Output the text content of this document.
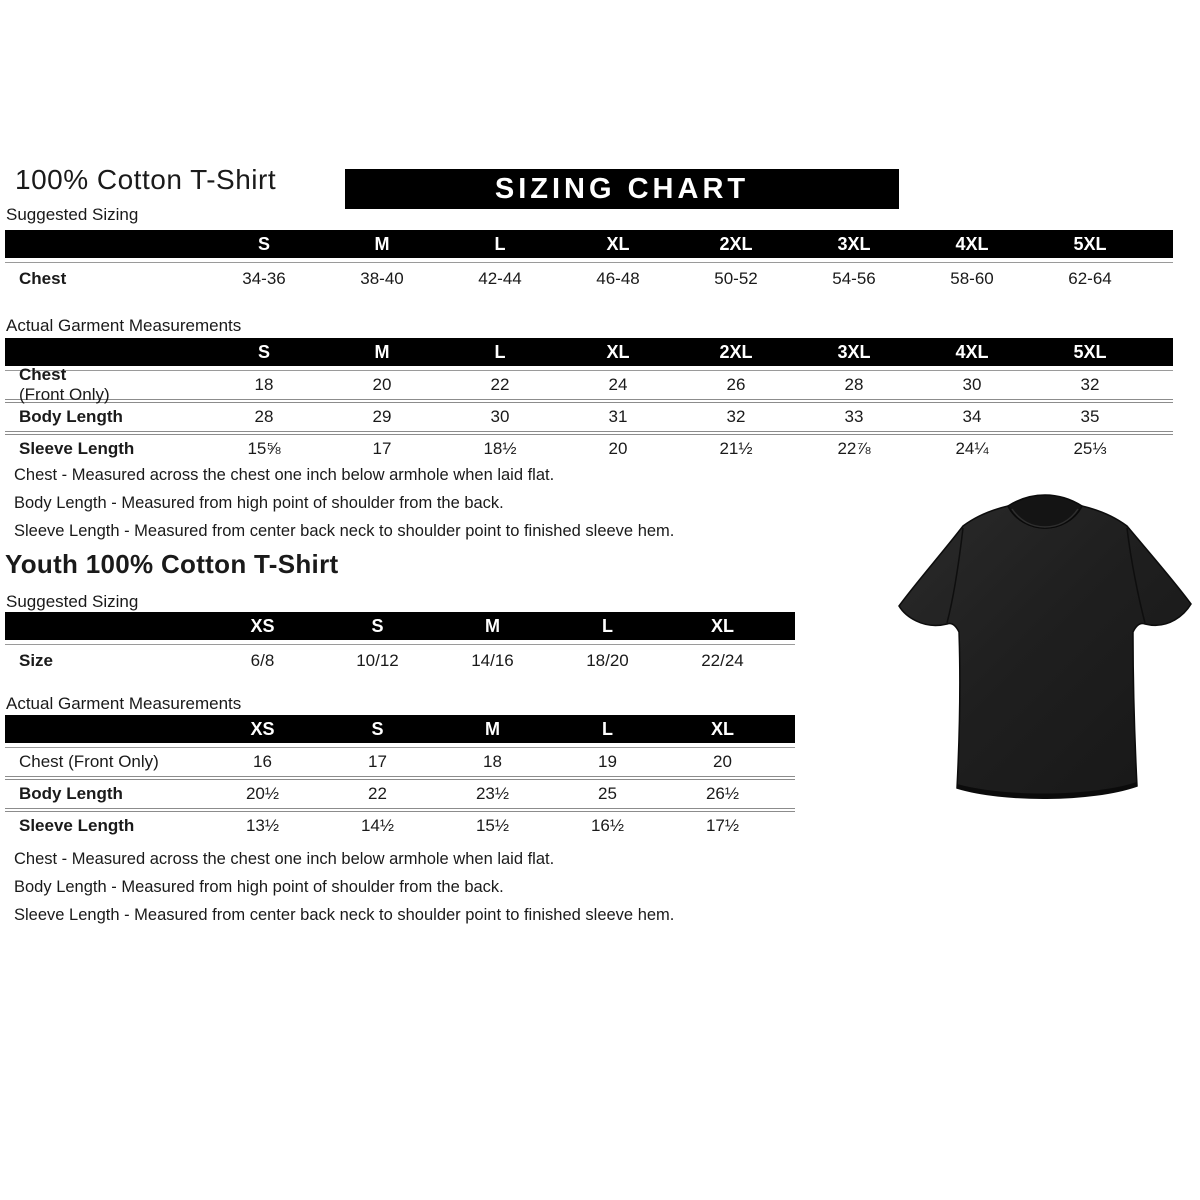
100% Cotton T-Shirt	SIZING CHART
Suggested Sizing
S	M	L	XL	2XL	3XL	4XL	5XL
Chest	34-36	38-40	42-44	46-48	50-52	54-56	58-60	62-64
Actual Garment Measurements
S	M	L	XL	2XL	3XL	4XL	5XL
Chest
(Front Only)
18	20	22	24	26	28	30	32
Body Length	28	29	30	31	32	33	34	35
Sleeve Length	15⅝	17	18½	20	21½	22⅞	24¼	25⅓
Chest - Measured across the chest one inch below armhole when laid flat.
Body Length - Measured from high point of shoulder from the back.
Sleeve Length - Measured from center back neck to shoulder point to finished sleeve hem.
Youth 100% Cotton T-Shirt
Suggested Sizing
XS	S	M	L	XL
Size	6/8	10/12	14/16	18/20	22/24
Actual Garment Measurements
XS	S	M	L	XL
Chest (Front Only)	16	17	18	19	20
Body Length	20½	22	23½	25	26½
Sleeve Length	13½	14½	15½	16½	17½
Chest - Measured across the chest one inch below armhole when laid flat.
Body Length - Measured from high point of shoulder from the back.
Sleeve Length - Measured from center back neck to shoulder point to finished sleeve hem.
